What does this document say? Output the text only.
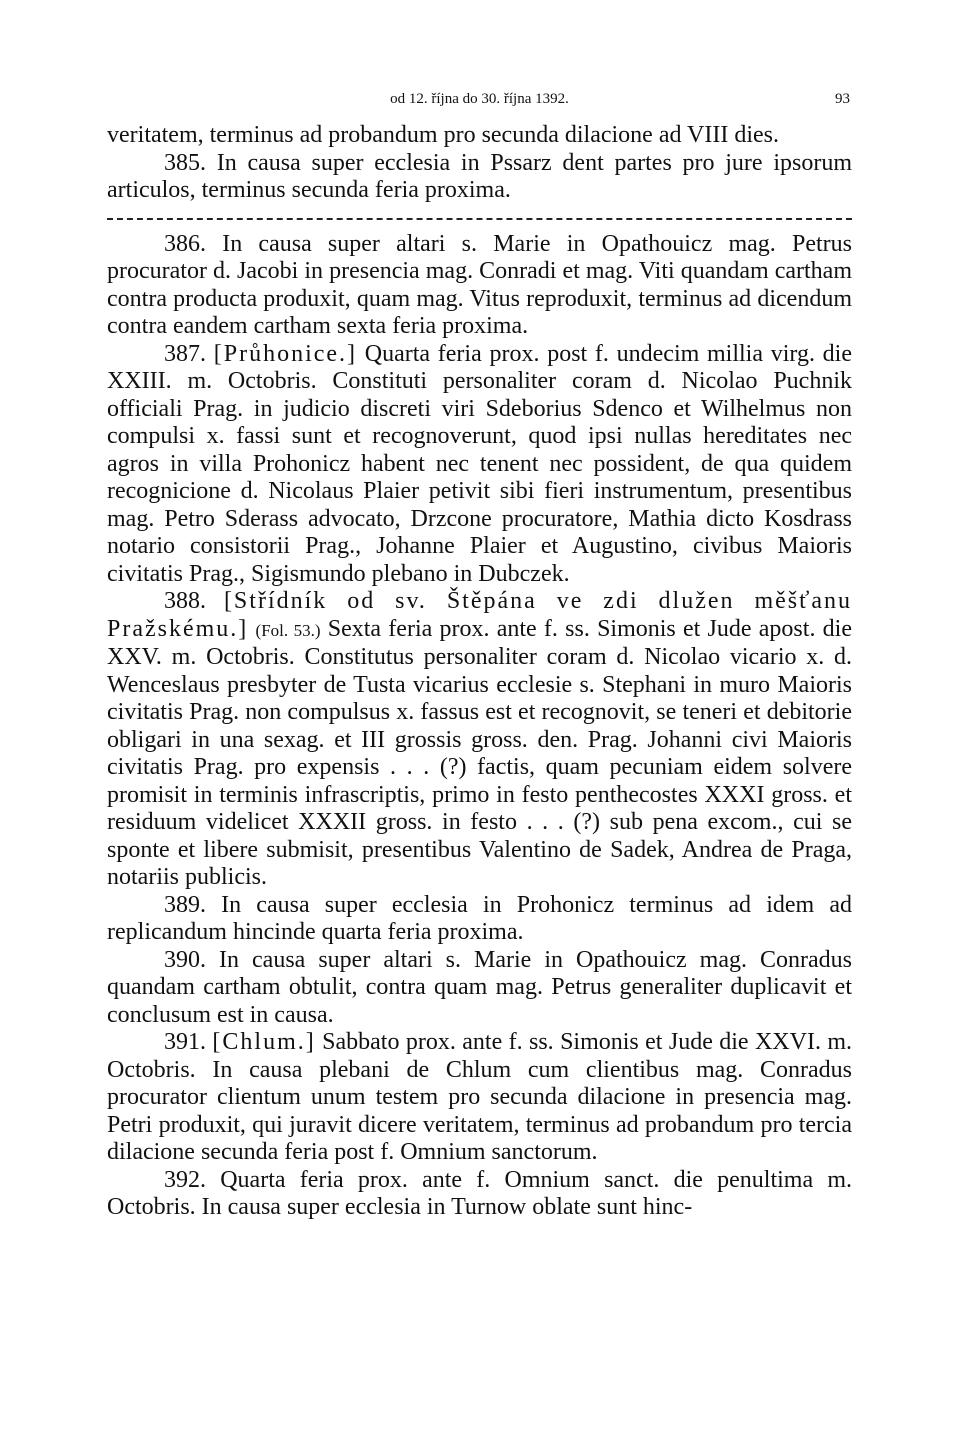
od 12. října do 30. října 1392.	93

veritatem, terminus ad probandum pro secunda dilacione ad VIII dies.

385. In causa super ecclesia in Pssarz dent partes pro jure ipsorum articulos, terminus secunda feria proxima.

386. In causa super altari s. Marie in Opathouicz mag. Petrus procurator d. Jacobi in presencia mag. Conradi et mag. Viti quandam cartham contra producta produxit, quam mag. Vitus reproduxit, terminus ad dicendum contra eandem cartham sexta feria proxima.

387. [Průhonice.] Quarta feria prox. post f. undecim millia virg. die XXIII. m. Octobris. Constituti personaliter coram d. Nicolao Puchnik officiali Prag. in judicio discreti viri Sdeborius Sdenco et Wilhelmus non compulsi x. fassi sunt et recognoverunt, quod ipsi nullas hereditates nec agros in villa Prohonicz habent nec tenent nec possident, de qua quidem recognicione d. Nicolaus Plaier petivit sibi fieri instrumentum, presentibus mag. Petro Sderass advocato, Drzcone procuratore, Mathia dicto Kosdrass notario consistorii Prag., Johanne Plaier et Augustino, civibus Maioris civitatis Prag., Sigismundo plebano in Dubczek.

388. [Střídník od sv. Štěpána ve zdi dlužen měšťanu Pražskému.] (Fol. 53.) Sexta feria prox. ante f. ss. Simonis et Jude apost. die XXV. m. Octobris. Constitutus personaliter coram d. Nicolao vicario x. d. Wenceslaus presbyter de Tusta vicarius ecclesie s. Stephani in muro Maioris civitatis Prag. non compulsus x. fassus est et recognovit, se teneri et debitorie obligari in una sexag. et III grossis gross. den. Prag. Johanni civi Maioris civitatis Prag. pro expensis . . . (?) factis, quam pecuniam eidem solvere promisit in terminis infrascriptis, primo in festo penthecostes XXXI gross. et residuum videlicet XXXII gross. in festo . . . (?) sub pena excom., cui se sponte et libere submisit, presentibus Valentino de Sadek, Andrea de Praga, notariis publicis.

389. In causa super ecclesia in Prohonicz terminus ad idem ad replicandum hincinde quarta feria proxima.

390. In causa super altari s. Marie in Opathouicz mag. Conradus quandam cartham obtulit, contra quam mag. Petrus generaliter duplicavit et conclusum est in causa.

391. [Chlum.] Sabbato prox. ante f. ss. Simonis et Jude die XXVI. m. Octobris. In causa plebani de Chlum cum clientibus mag. Conradus procurator clientum unum testem pro secunda dilacione in presencia mag. Petri produxit, qui juravit dicere veritatem, terminus ad probandum pro tercia dilacione secunda feria post f. Omnium sanctorum.

392. Quarta feria prox. ante f. Omnium sanct. die penultima m. Octobris. In causa super ecclesia in Turnow oblate sunt hinc-
